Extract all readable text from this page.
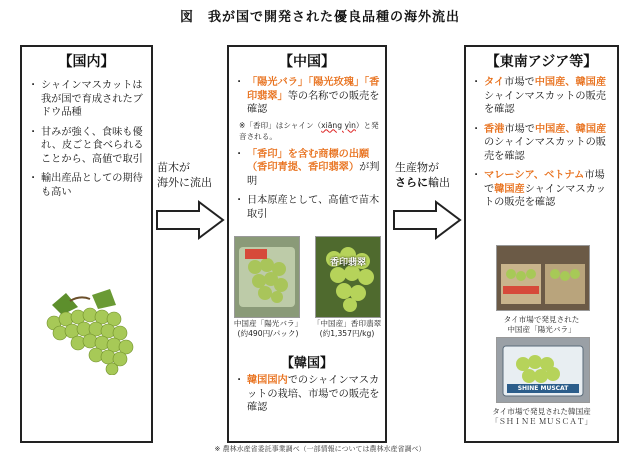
図　我が国で開発された優良品種の海外流出
【国内】
・ シャインマスカットは我が国で育成されたブドウ品種
・ 甘みが強く、食味も優れ、皮ごと食べられることから、高値で取引
・ 輸出産品としての期待も高い
苗木が
海外に流出
【中国】
・ 「陽光バラ」「陽光玫瑰」「香印翡翠」等の名称での販売を確認
※「香印」はシャイン（xiāng yìn）と発音される。
・ 「香印」を含む商標の出願（香印青提、香印翡翠）が判明
・ 日本原産として、高値で苗木取引
香印翡翠
中国産「陽光バラ」
(約490円/パック)
「中国産」香印翡翠
(約1,357円/kg)
【韓国】
・ 韓国国内でのシャインマスカットの栽培、市場での販売を確認
生産物が
さらに輸出
【東南アジア等】
・ タイ市場で中国産、韓国産シャインマスカットの販売を確認
・ 香港市場で中国産、韓国産のシャインマスカットの販売を確認
・ マレーシア、ベトナム市場で韓国産シャインマスカットの販売を確認
タイ市場で発見された
中国産「陽光バラ」
SHINE MUSCAT
タイ市場で発見された韓国産
「ＳＨＩＮＥ ＭＵＳＣＡＴ」
※ 農林水産省委託事業調べ（一部情報については農林水産省調べ）
